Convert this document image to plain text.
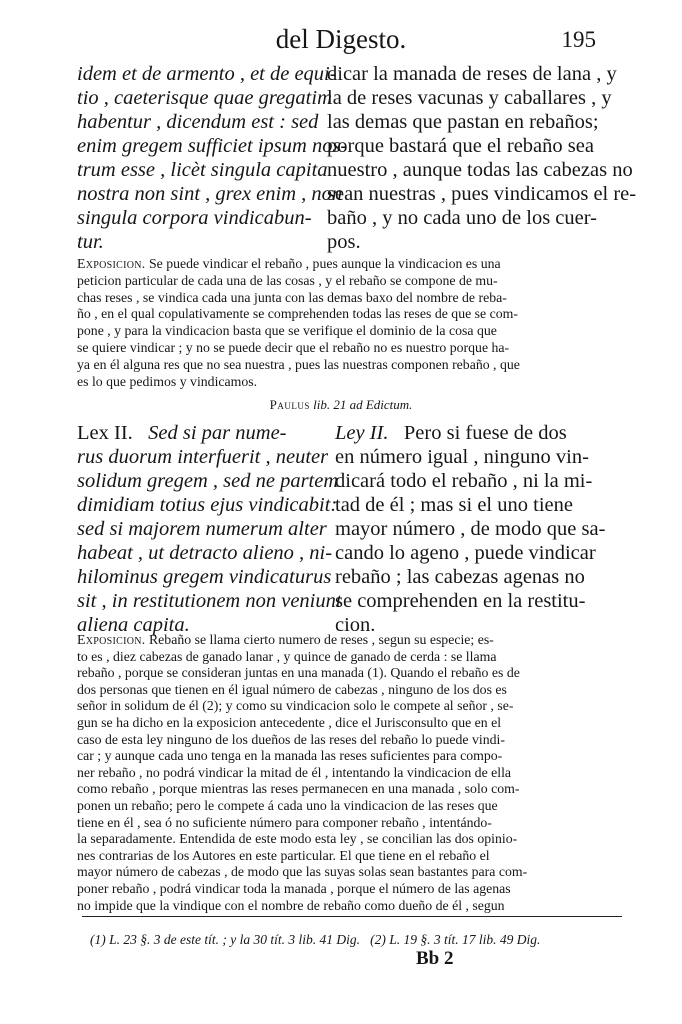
del Digesto.	195
idem et de armento , et de equi-
tio , caeterisque quae gregatim
habentur , dicendum est : sed
enim gregem sufficiet ipsum nos-
trum esse , licèt singula capita
nostra non sint , grex enim , non
singula corpora vindicabun-
tur.
dicar la manada de reses de lana , y
la de reses vacunas y caballares , y
las demas que pastan en rebaños;
porque bastará que el rebaño sea
nuestro , aunque todas las cabezas no
sean nuestras , pues vindicamos el re-
baño , y no cada uno de los cuer-
pos.
Exposicion. Se puede vindicar el rebaño , pues aunque la vindicacion es una
peticion particular de cada una de las cosas , y el rebaño se compone de mu-
chas reses , se vindica cada una junta con las demas baxo del nombre de reba-
ño , en el qual copulativamente se comprehenden todas las reses de que se com-
pone , y para la vindicacion basta que se verifique el dominio de la cosa que
se quiere vindicar ; y no se puede decir que el rebaño no es nuestro porque ha-
ya en él alguna res que no sea nuestra , pues las nuestras componen rebaño , que
es lo que pedimos y vindicamos.
Paulus lib. 21 ad Edictum.
Lex II. Sed si par nume-
rus duorum interfuerit , neuter
solidum gregem , sed ne partem
dimidiam totius ejus vindicabit:
sed si majorem numerum alter
habeat , ut detracto alieno , ni-
hilominus gregem vindicaturus
sit , in restitutionem non veniunt
aliena capita.
Ley II. Pero si fuese de dos
en número igual , ninguno vin-
dicará todo el rebaño , ni la mi-
tad de él ; mas si el uno tiene
mayor número , de modo que sa-
cando lo ageno , puede vindicar
rebaño ; las cabezas agenas no
se comprehenden en la restitu-
cion.
Exposicion. Rebaño se llama cierto numero de reses , segun su especie; es-
to es , diez cabezas de ganado lanar , y quince de ganado de cerda : se llama
rebaño , porque se consideran juntas en una manada (1). Quando el rebaño es de
dos personas que tienen en él igual número de cabezas , ninguno de los dos es
señor in solidum de él (2); y como su vindicacion solo le compete al señor , se-
gun se ha dicho en la exposicion antecedente , dice el Jurisconsulto que en el
caso de esta ley ninguno de los dueños de las reses del rebaño lo puede vindi-
car ; y aunque cada uno tenga en la manada las reses suficientes para compo-
ner rebaño , no podrá vindicar la mitad de él , intentando la vindicacion de ella
como rebaño , porque mientras las reses permanecen en una manada , solo com-
ponen un rebaño; pero le compete á cada uno la vindicacion de las reses que
tiene en él , sea ó no suficiente número para componer rebaño , intentándo-
la separadamente. Entendida de este modo esta ley , se concilian las dos opinio-
nes contrarias de los Autores en este particular. El que tiene en el rebaño el
mayor número de cabezas , de modo que las suyas solas sean bastantes para com-
poner rebaño , podrá vindicar toda la manada , porque el número de las agenas
no impide que la vindique con el nombre de rebaño como dueño de él , segun
(1) L. 23 §. 3 de este tít. ; y la 30 tít. 3 lib. 41 Dig. (2) L. 19 §. 3 tít. 17 lib. 49 Dig.
Bb 2
